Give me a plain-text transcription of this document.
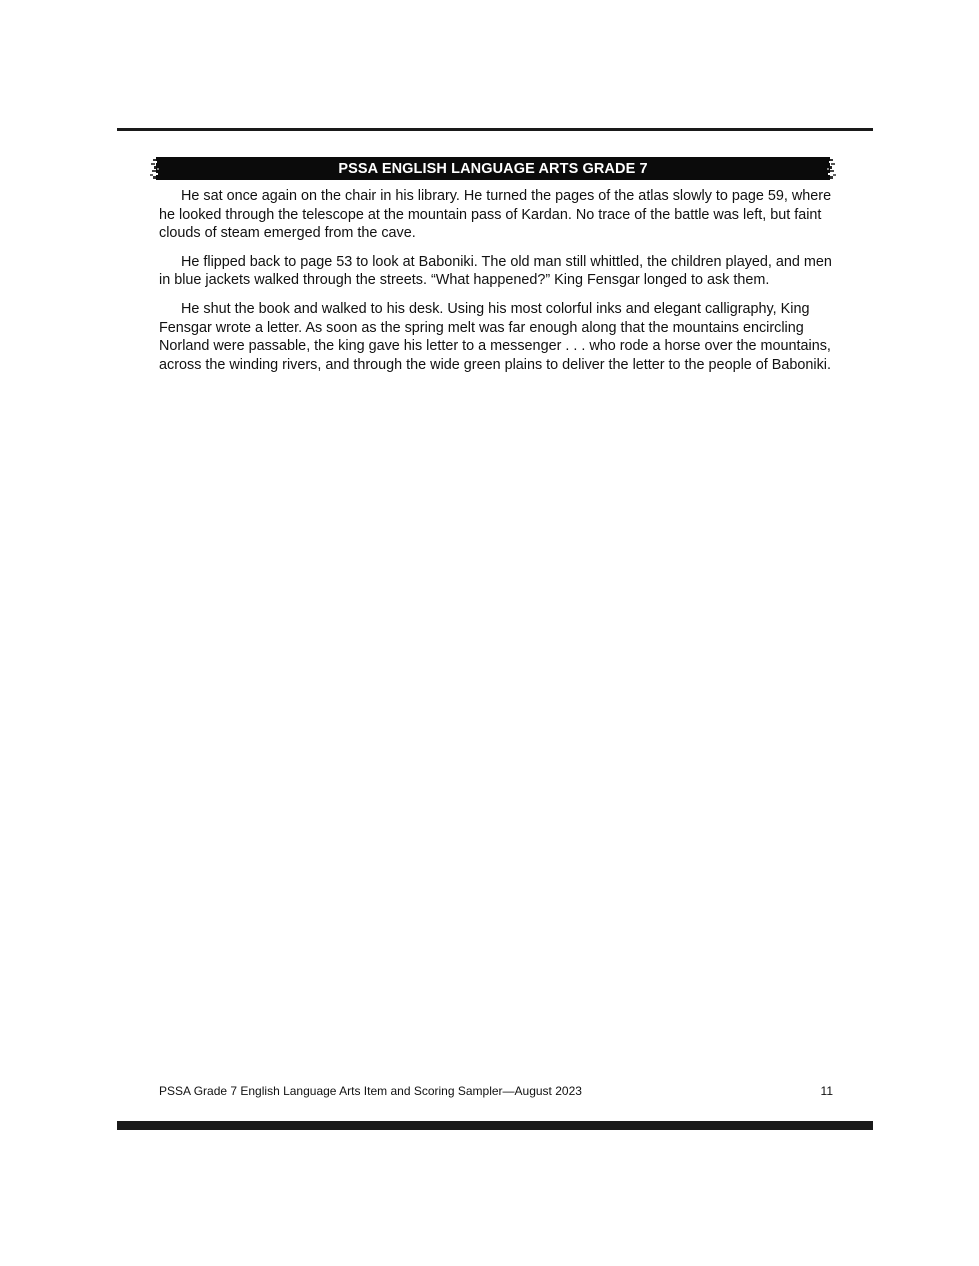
PSSA ENGLISH LANGUAGE ARTS GRADE 7

He sat once again on the chair in his library. He turned the pages of the atlas slowly to page 59, where he looked through the telescope at the mountain pass of Kardan. No trace of the battle was left, but faint clouds of steam emerged from the cave.

He flipped back to page 53 to look at Baboniki. The old man still whittled, the children played, and men in blue jackets walked through the streets. “What happened?” King Fensgar longed to ask them.

He shut the book and walked to his desk. Using his most colorful inks and elegant calligraphy, King Fensgar wrote a letter. As soon as the spring melt was far enough along that the mountains encircling Norland were passable, the king gave his letter to a messenger . . . who rode a horse over the mountains, across the winding rivers, and through the wide green plains to deliver the letter to the people of Baboniki.

PSSA Grade 7 English Language Arts Item and Scoring Sampler—August 2023	11
